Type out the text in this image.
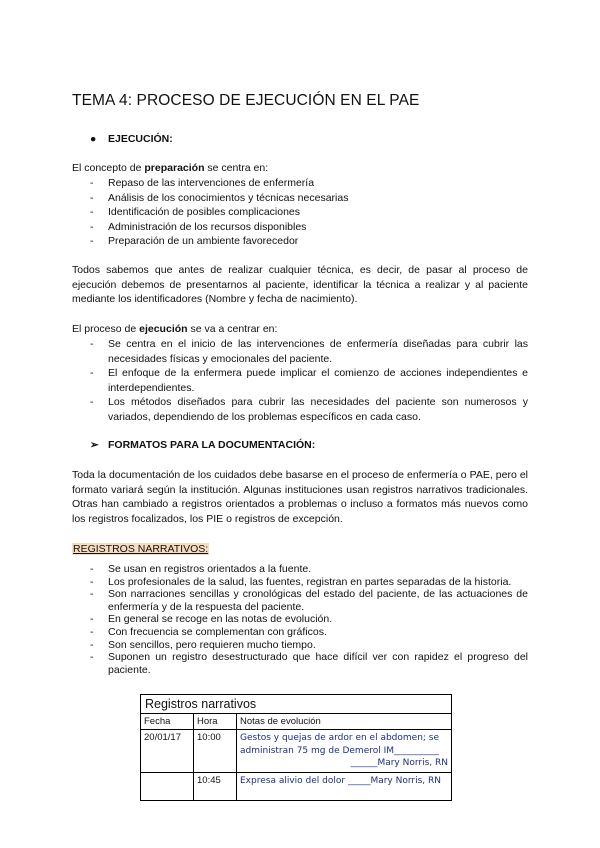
TEMA 4: PROCESO DE EJECUCIÓN EN EL PAE
● EJECUCIÓN:
El concepto de preparación se centra en:
- Repaso de las intervenciones de enfermería
- Análisis de los conocimientos y técnicas necesarias
- Identificación de posibles complicaciones
- Administración de los recursos disponibles
- Preparación de un ambiente favorecedor
Todos sabemos que antes de realizar cualquier técnica, es decir, de pasar al proceso de ejecución debemos de presentarnos al paciente, identificar la técnica a realizar y al paciente mediante los identificadores (Nombre y fecha de nacimiento).
El proceso de ejecución se va a centrar en:
- Se centra en el inicio de las intervenciones de enfermería diseñadas para cubrir las necesidades físicas y emocionales del paciente.
- El enfoque de la enfermera puede implicar el comienzo de acciones independientes e interdependientes.
- Los métodos diseñados para cubrir las necesidades del paciente son numerosos y variados, dependiendo de los problemas específicos en cada caso.
➢ FORMATOS PARA LA DOCUMENTACIÓN:
Toda la documentación de los cuidados debe basarse en el proceso de enfermería o PAE, pero el formato variará según la institución. Algunas instituciones usan registros narrativos tradicionales. Otras han cambiado a registros orientados a problemas o incluso a formatos más nuevos como los registros focalizados, los PIE o registros de excepción.
REGISTROS NARRATIVOS:
- Se usan en registros orientados a la fuente.
- Los profesionales de la salud, las fuentes, registran en partes separadas de la historia.
- Son narraciones sencillas y cronológicas del estado del paciente, de las actuaciones de enfermería y de la respuesta del paciente.
- En general se recoge en las notas de evolución.
- Con frecuencia se complementan con gráficos.
- Son sencillos, pero requieren mucho tiempo.
- Suponen un registro desestructurado que hace difícil ver con rapidez el progreso del paciente.
Registros narrativos		
Fecha	Hora	Notas de evolución
20/01/17	10:00	Gestos y quejas de ardor en el abdomen; se administran 75 mg de Demerol IM__________
______Mary Norris, RN

	10:45	Expresa alivio del dolor _____Mary Norris, RN
